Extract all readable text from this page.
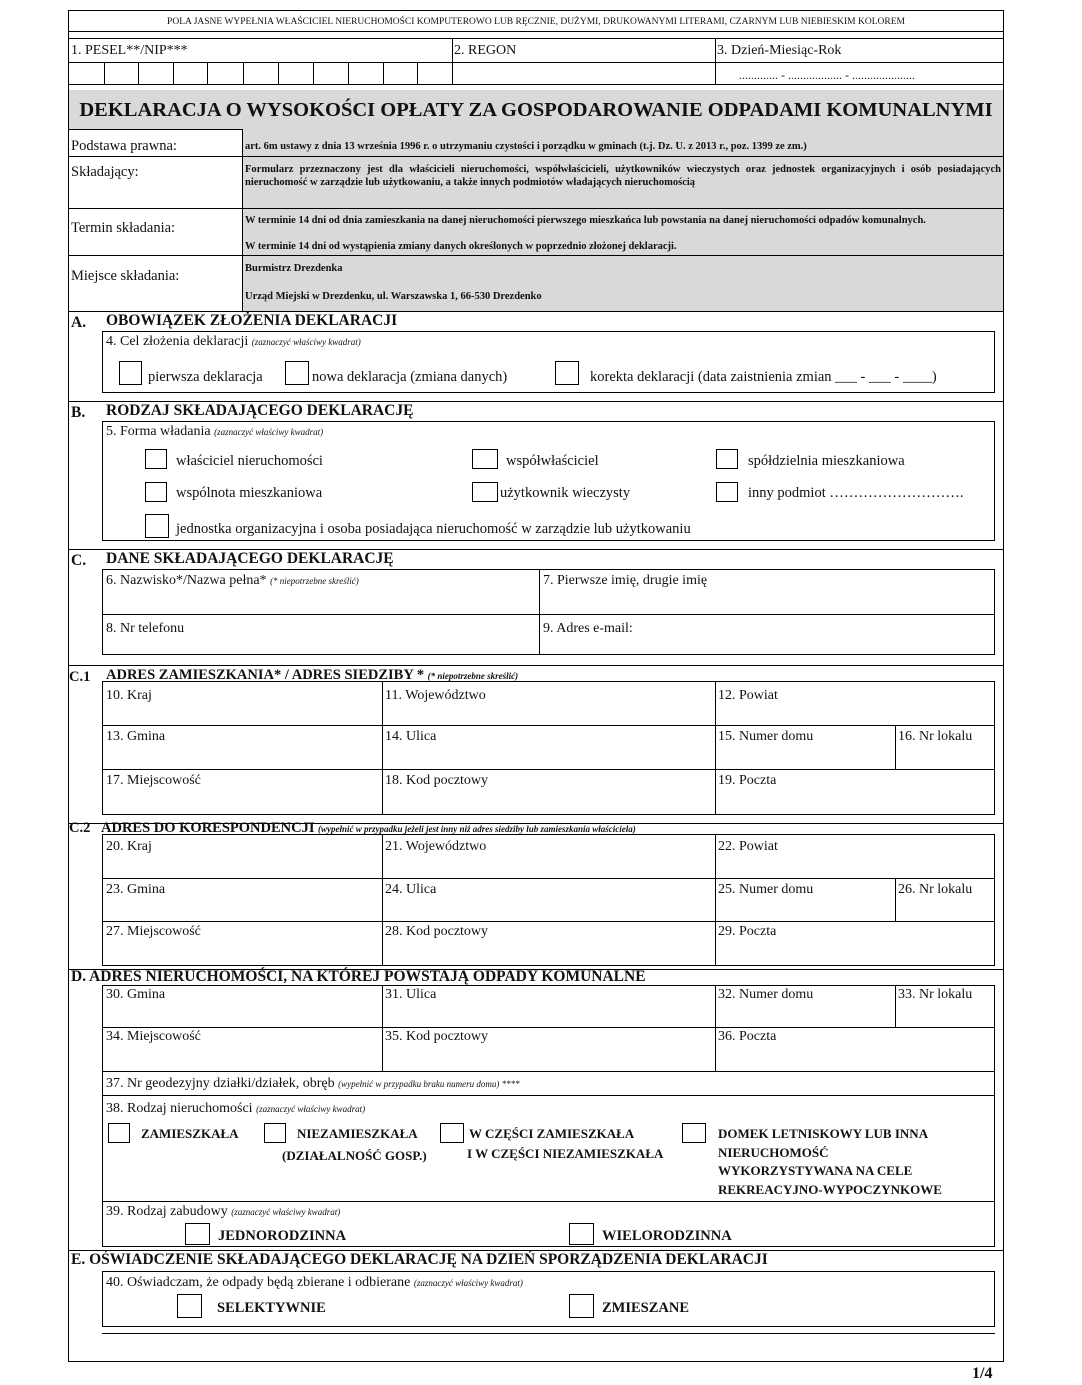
POLA JASNE WYPEŁNIA WŁAŚCICIEL NIERUCHOMOŚCI KOMPUTEROWO LUB RĘCZNIE, DUŻYMI, DRUKOWANYMI LITERAMI, CZARNYM LUB NIEBIESKIM KOLOREM
1. PESEL**/NIP***	2. REGON	3. Dzień-Miesiąc-Rok
............. - .................. - .....................
DEKLARACJA O WYSOKOŚCI OPŁATY ZA GOSPODAROWANIE ODPADAMI KOMUNALNYMI
Podstawa prawna:	art. 6m ustawy z dnia 13 września 1996 r. o utrzymaniu czystości i porządku w gminach (t.j. Dz. U. z 2013 r., poz. 1399 ze zm.)
Składający:	Formularz przeznaczony jest dla właścicieli nieruchomości, współwłaścicieli, użytkowników wieczystych oraz jednostek organizacyjnych i osób posiadających nieruchomość w zarządzie lub użytkowaniu, a także innych podmiotów władających nieruchomością
Termin składania:	W terminie 14 dni od dnia zamieszkania na danej nieruchomości pierwszego mieszkańca lub powstania na danej nieruchomości odpadów komunalnych.
W terminie 14 dni od wystąpienia zmiany danych określonych w poprzednio złożonej deklaracji.
Miejsce składania:	Burmistrz Drezdenka
Urząd Miejski w Drezdenku, ul. Warszawska 1, 66-530 Drezdenko
A. OBOWIĄZEK ZŁOŻENIA DEKLARACJI
4. Cel złożenia deklaracji (zaznaczyć właściwy kwadrat)
pierwsza deklaracja	nowa deklaracja (zmiana danych)	korekta deklaracji (data zaistnienia zmian ___ - ___ - ____)
B. RODZAJ SKŁADAJĄCEGO DEKLARACJĘ
5. Forma władania (zaznaczyć właściwy kwadrat)
właściciel nieruchomości	współwłaściciel	spółdzielnia mieszkaniowa
wspólnota mieszkaniowa	użytkownik wieczysty	inny podmiot ……………………….
jednostka organizacyjna i osoba posiadająca nieruchomość w zarządzie lub użytkowaniu
C. DANE SKŁADAJĄCEGO DEKLARACJĘ
6. Nazwisko*/Nazwa pełna* (* niepotrzebne skreślić)	7. Pierwsze imię, drugie imię
8. Nr telefonu	9. Adres e-mail:
C.1 ADRES ZAMIESZKANIA* / ADRES SIEDZIBY * (* niepotrzebne skreślić)
10. Kraj	11. Województwo	12. Powiat
13. Gmina	14. Ulica	15. Numer domu	16. Nr lokalu
17. Miejscowość	18. Kod pocztowy	19. Poczta
C.2 ADRES DO KORESPONDENCJI (wypełnić w przypadku jeżeli jest inny niż adres siedziby lub zamieszkania właściciela)
20. Kraj	21. Województwo	22. Powiat
23. Gmina	24. Ulica	25. Numer domu	26. Nr lokalu
27. Miejscowość	28. Kod pocztowy	29. Poczta
D. ADRES NIERUCHOMOŚCI, NA KTÓREJ POWSTAJĄ ODPADY KOMUNALNE
30. Gmina	31. Ulica	32. Numer domu	33. Nr lokalu
34. Miejscowość	35. Kod pocztowy	36. Poczta
37. Nr geodezyjny działki/działek, obręb (wypełnić w przypadku braku numeru domu) ****
38. Rodzaj nieruchomości (zaznaczyć właściwy kwadrat)
ZAMIESZKAŁA	NIEZAMIESZKAŁA
(DZIAŁALNOŚĆ GOSP.)
W CZĘŚCI ZAMIESZKAŁA
I W CZĘŚCI NIEZAMIESZKAŁA
DOMEK LETNISKOWY LUB INNA
NIERUCHOMOŚĆ
WYKORZYSTYWANA NA CELE
REKREACYJNO-WYPOCZYNKOWE
39. Rodzaj zabudowy (zaznaczyć właściwy kwadrat)
JEDNORODZINNA	WIELORODZINNA
E. OŚWIADCZENIE SKŁADAJĄCEGO DEKLARACJĘ NA DZIEŃ SPORZĄDZENIA DEKLARACJI
40. Oświadczam, że odpady będą zbierane i odbierane (zaznaczyć właściwy kwadrat)
SELEKTYWNIE	ZMIESZANE
1/4
